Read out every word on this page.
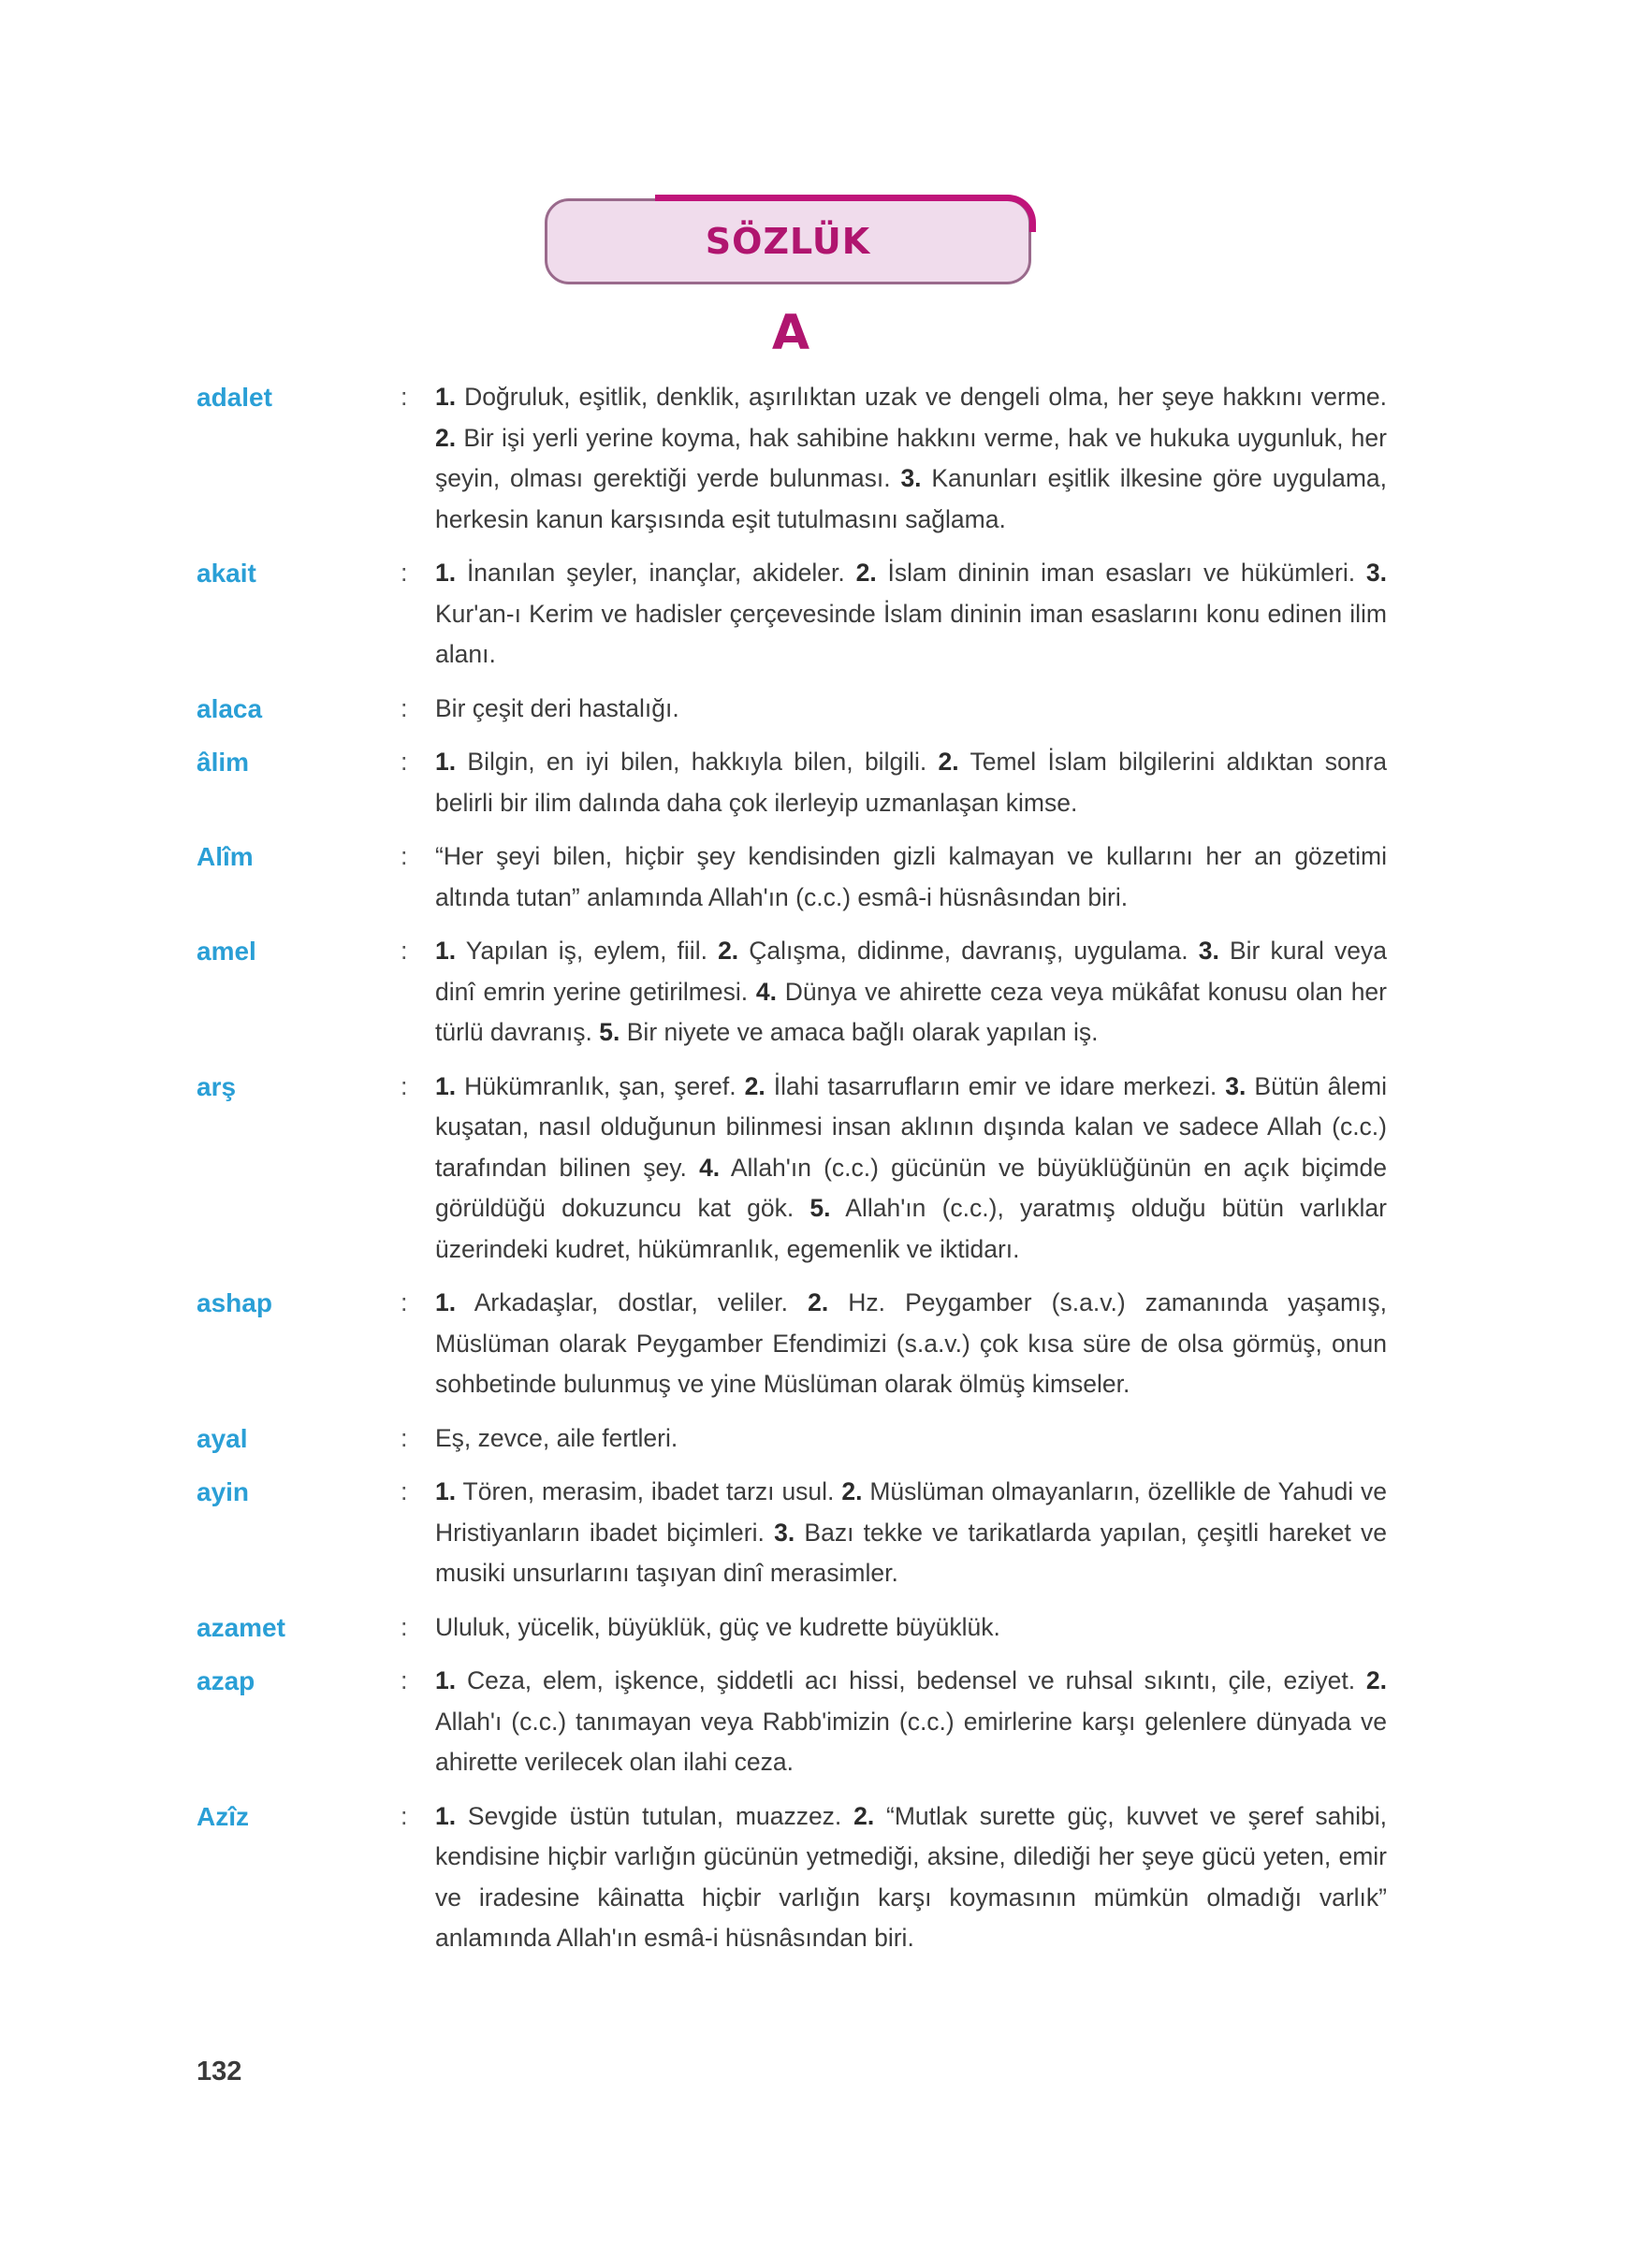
SÖZLÜK
A
adalet	:	1. Doğruluk, eşitlik, denklik, aşırılıktan uzak ve dengeli olma, her şeye hakkını verme. 2. Bir işi yerli yerine koyma, hak sahibine hakkını verme, hak ve hukuka uygunluk, her şeyin, olması gerektiği yerde bulunması. 3. Kanunları eşitlik ilkesine göre uygulama, herkesin kanun karşısında eşit tutulmasını sağlama.
akait	:	1. İnanılan şeyler, inançlar, akideler. 2. İslam dininin iman esasları ve hükümleri. 3. Kur'an-ı Kerim ve hadisler çerçevesinde İslam dininin iman esaslarını konu edinen ilim alanı.
alaca	:	Bir çeşit deri hastalığı.
âlim	:	1. Bilgin, en iyi bilen, hakkıyla bilen, bilgili. 2. Temel İslam bilgilerini aldıktan sonra belirli bir ilim dalında daha çok ilerleyip uzmanlaşan kimse.
Alîm	:	“Her şeyi bilen, hiçbir şey kendisinden gizli kalmayan ve kullarını her an gözetimi altında tutan” anlamında Allah'ın (c.c.) esmâ-i hüsnâsından biri.
amel	:	1. Yapılan iş, eylem, fiil. 2. Çalışma, didinme, davranış, uygulama. 3. Bir kural veya dinî emrin yerine getirilmesi. 4. Dünya ve ahirette ceza veya mükâfat konusu olan her türlü davranış. 5. Bir niyete ve amaca bağlı olarak yapılan iş.
arş	:	1. Hükümranlık, şan, şeref. 2. İlahi tasarrufların emir ve idare merkezi. 3. Bütün âlemi kuşatan, nasıl olduğunun bilinmesi insan aklının dışında kalan ve sadece Allah (c.c.) tarafından bilinen şey. 4. Allah'ın (c.c.) gücünün ve büyüklüğünün en açık biçimde görüldüğü dokuzuncu kat gök. 5. Allah'ın (c.c.), yaratmış olduğu bütün varlıklar üzerindeki kudret, hükümranlık, egemenlik ve iktidarı.
ashap	:	1. Arkadaşlar, dostlar, veliler. 2. Hz. Peygamber (s.a.v.) zamanında yaşamış, Müslüman olarak Peygamber Efendimizi (s.a.v.) çok kısa süre de olsa görmüş, onun sohbetinde bulunmuş ve yine Müslüman olarak ölmüş kimseler.
ayal	:	Eş, zevce, aile fertleri.
ayin	:	1. Tören, merasim, ibadet tarzı usul. 2. Müslüman olmayanların, özellikle de Yahudi ve Hristiyanların ibadet biçimleri. 3. Bazı tekke ve tarikatlarda yapılan, çeşitli hareket ve musiki unsurlarını taşıyan dinî merasimler.
azamet	:	Ululuk, yücelik, büyüklük, güç ve kudrette büyüklük.
azap	:	1. Ceza, elem, işkence, şiddetli acı hissi, bedensel ve ruhsal sıkıntı, çile, eziyet. 2. Allah'ı (c.c.) tanımayan veya Rabb'imizin (c.c.) emirlerine karşı gelenlere dünyada ve ahirette verilecek olan ilahi ceza.
Azîz	:	1. Sevgide üstün tutulan, muazzez. 2. “Mutlak surette güç, kuvvet ve şeref sahibi, kendisine hiçbir varlığın gücünün yetmediği, aksine, dilediği her şeye gücü yeten, emir ve iradesine kâinatta hiçbir varlığın karşı koymasının mümkün olmadığı varlık” anlamında Allah'ın esmâ-i hüsnâsından biri.
132
